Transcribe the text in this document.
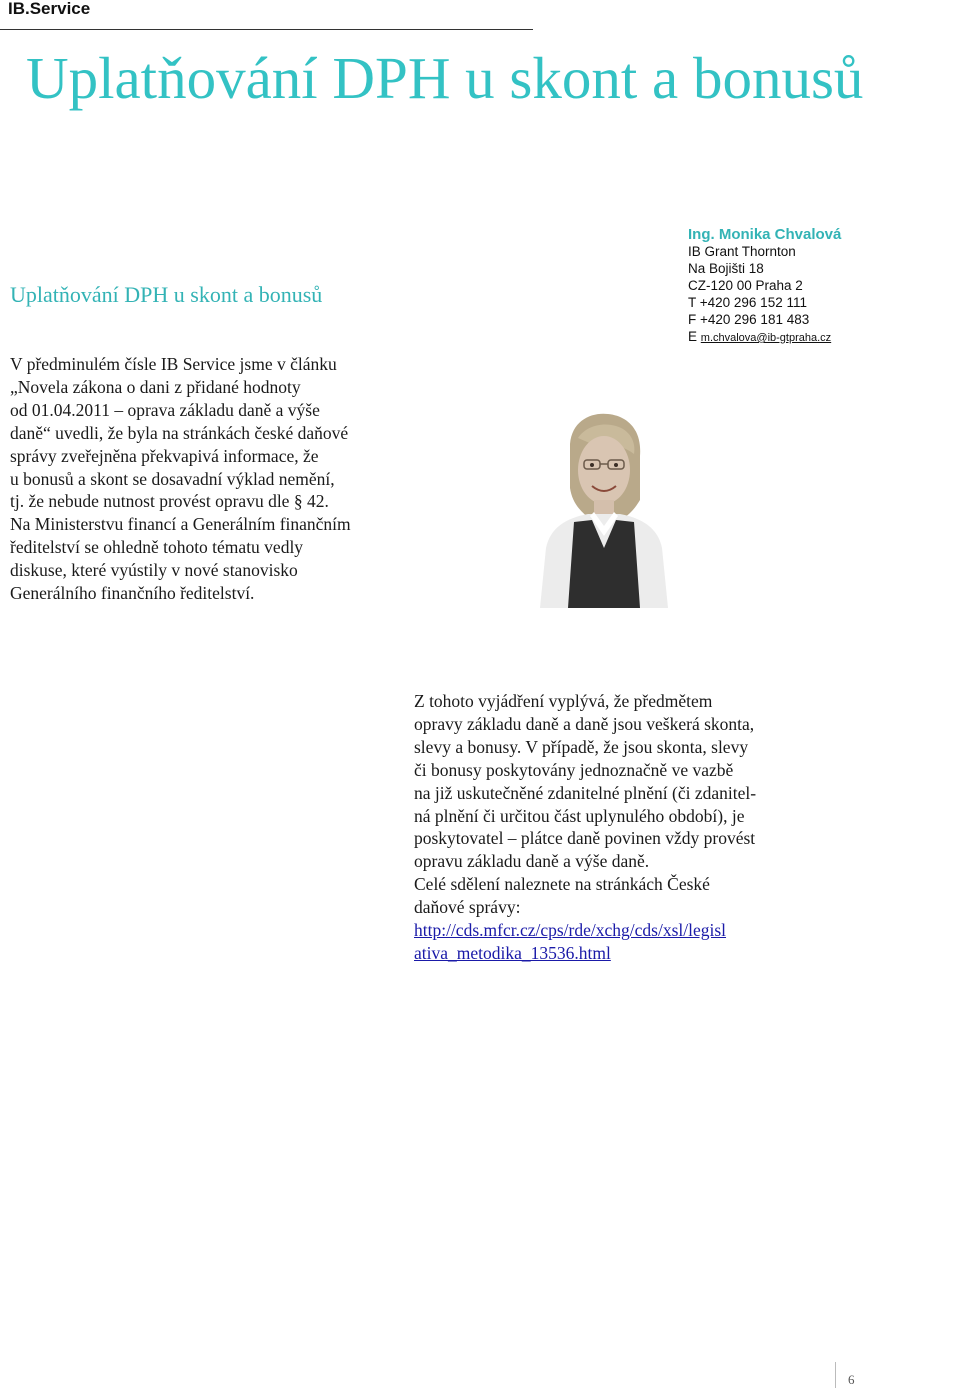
IB.Service
Uplatňování DPH u skont a bonusů
Uplatňování DPH u skont a bonusů
V předminulém čísle IB Service jsme v článku
„Novela zákona o dani z přidané hodnoty
od 01.04.2011 – oprava základu daně a výše
daně“ uvedli, že byla na stránkách české daňové
správy zveřejněna překvapivá informace, že
u bonusů a skont se dosavadní výklad nemění,
tj. že nebude nutnost provést opravu dle § 42.
Na Ministerstvu financí a Generálním finančním
ředitelství se ohledně tohoto tématu vedly
diskuse, které vyústily v nové stanovisko
Generálního finančního ředitelství.
Ing. Monika Chvalová
IB Grant Thornton
Na Bojišti 18
CZ-120 00 Praha 2
T +420 296 152 111
F +420 296 181 483
E m.chvalova@ib-gtpraha.cz
Z tohoto vyjádření vyplývá, že předmětem
opravy základu daně a daně jsou veškerá skonta,
slevy a bonusy. V případě, že jsou skonta, slevy
či bonusy poskytovány jednoznačně ve vazbě
na již uskutečněné zdanitelné plnění (či zdanitel-
ná plnění či určitou část uplynulého období), je
poskytovatel – plátce daně povinen vždy provést
opravu základu daně a výše daně.
Celé sdělení naleznete na stránkách České
daňové správy:
http://cds.mfcr.cz/cps/rde/xchg/cds/xsl/legisl
ativa_metodika_13536.html
6
